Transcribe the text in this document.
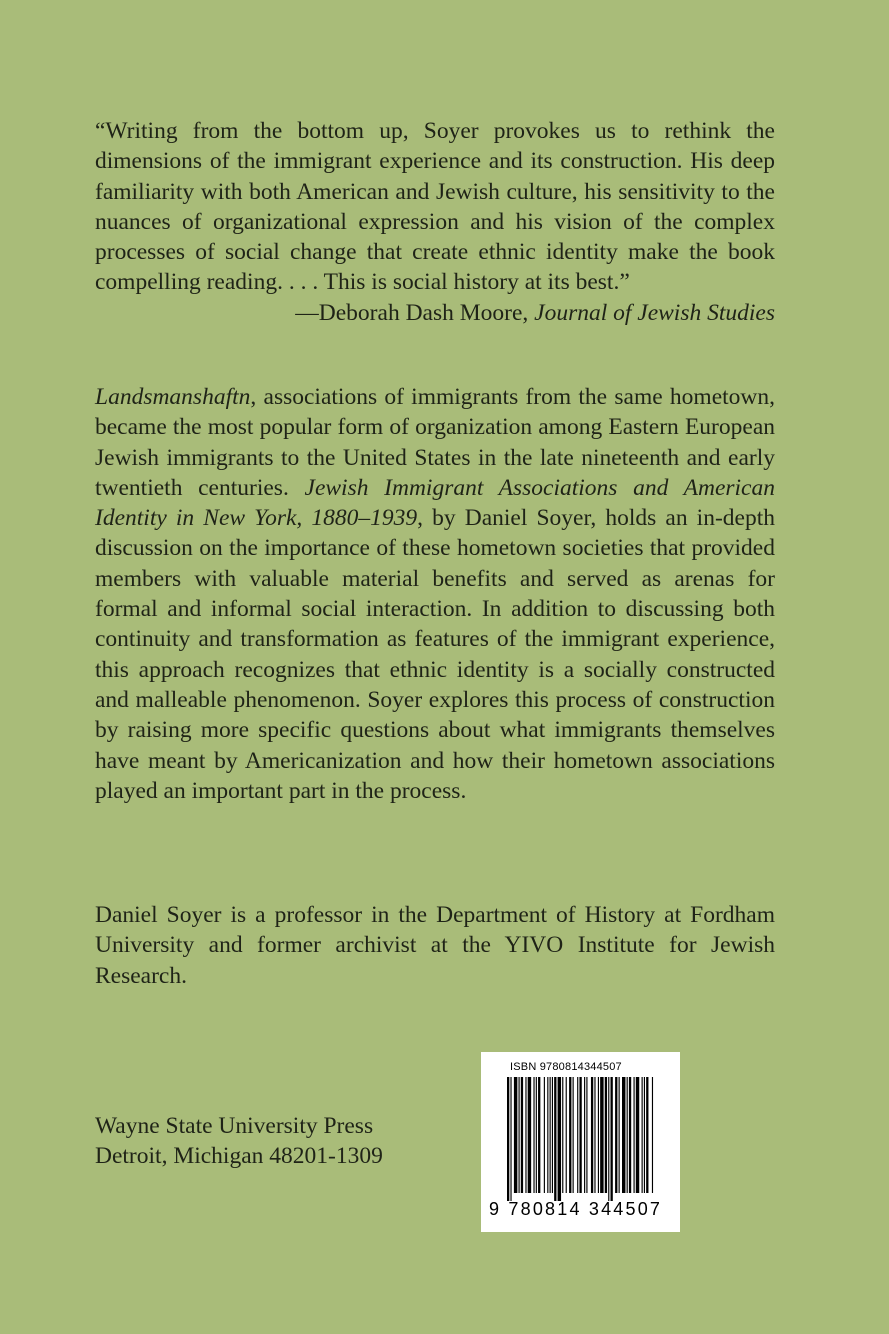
“Writing from the bottom up, Soyer provokes us to rethink the dimensions of the immigrant experience and its construction. His deep familiarity with both American and Jewish culture, his sensitivity to the nuances of organizational expression and his vision of the complex processes of social change that create ethnic identity make the book compelling reading. . . . This is social history at its best.”

—Deborah Dash Moore, Journal of Jewish Studies

Landsmanshaftn, associations of immigrants from the same hometown, became the most popular form of organization among Eastern European Jewish immigrants to the United States in the late nineteenth and early twentieth centuries. Jewish Immigrant Associations and American Identity in New York, 1880–1939, by Daniel Soyer, holds an in-depth discussion on the importance of these hometown societies that provided members with valuable material benefits and served as arenas for formal and informal social interaction. In addition to discussing both continuity and transformation as features of the immigrant experience, this approach recognizes that ethnic identity is a socially constructed and malleable phenomenon. Soyer explores this process of construction by raising more specific questions about what immigrants themselves have meant by Americanization and how their hometown associations played an important part in the process.

Daniel Soyer is a professor in the Department of History at Fordham University and former archivist at the YIVO Institute for Jewish Research.

Wayne State University Press
Detroit, Michigan 48201-1309
ISBN 9780814344507
9 780814 344507
